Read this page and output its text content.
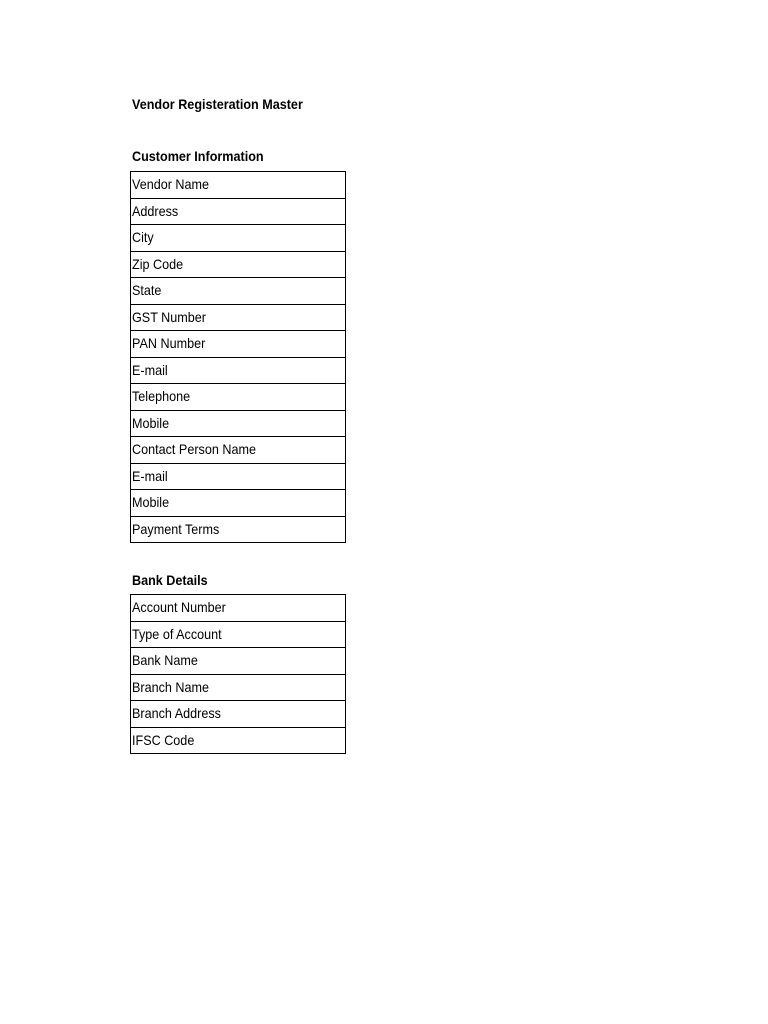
Vendor Registeration Master
Customer Information
Vendor Name
Address
City
Zip Code
State
GST Number
PAN Number
E-mail
Telephone
Mobile
Contact Person Name
E-mail
Mobile
Payment Terms
Bank Details
Account Number
Type of Account
Bank Name
Branch Name
Branch Address
IFSC Code
